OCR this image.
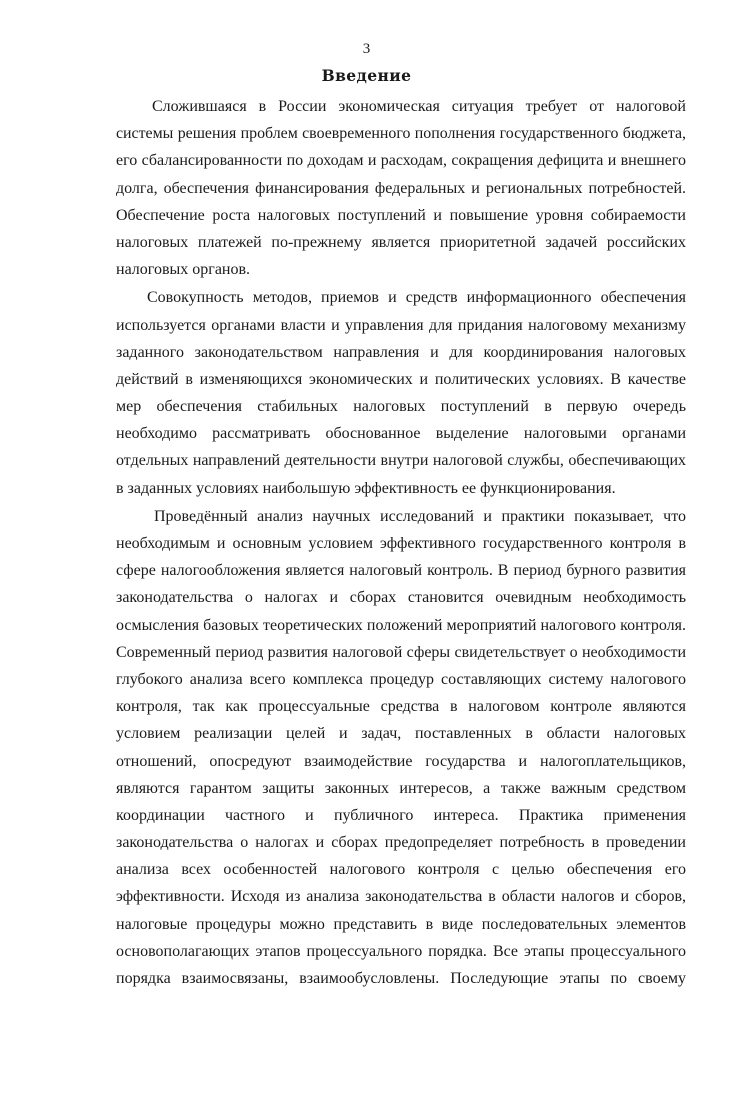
3
Введение
Сложившаяся в России экономическая ситуация требует от налоговой
системы решения проблем своевременного пополнения государственного бюджета,
его сбалансированности по доходам и расходам, сокращения дефицита и внешнего
долга, обеспечения финансирования федеральных и региональных потребностей.
Обеспечение роста налоговых поступлений и повышение уровня собираемости
налоговых платежей по-прежнему является приоритетной задачей российских
налоговых органов.
Совокупность методов, приемов и средств информационного обеспечения
используется органами власти и управления для придания налоговому механизму
заданного законодательством направления и для координирования налоговых
действий в изменяющихся экономических и политических условиях. В качестве
мер обеспечения стабильных налоговых поступлений в первую очередь
необходимо рассматривать обоснованное выделение налоговыми органами
отдельных направлений деятельности внутри налоговой службы, обеспечивающих
в заданных условиях наибольшую эффективность ее функционирования.
Проведённый анализ научных исследований и практики показывает, что
необходимым и основным условием эффективного государственного контроля в
сфере налогообложения является налоговый контроль. В период бурного развития
законодательства о налогах и сборах становится очевидным необходимость
осмысления базовых теоретических положений мероприятий налогового контроля.
Современный период развития налоговой сферы свидетельствует о необходимости
глубокого анализа всего комплекса процедур составляющих систему налогового
контроля, так как процессуальные средства в налоговом контроле являются
условием реализации целей и задач, поставленных в области налоговых
отношений, опосредуют взаимодействие государства и налогоплательщиков,
являются гарантом защиты законных интересов, а также важным средством
координации частного и публичного интереса. Практика применения
законодательства о налогах и сборах предопределяет потребность в проведении
анализа всех особенностей налогового контроля с целью обеспечения его
эффективности. Исходя из анализа законодательства в области налогов и сборов,
налоговые процедуры можно представить в виде последовательных элементов
основополагающих этапов процессуального порядка. Все этапы процессуального
порядка взаимосвязаны, взаимообусловлены. Последующие этапы по своему
